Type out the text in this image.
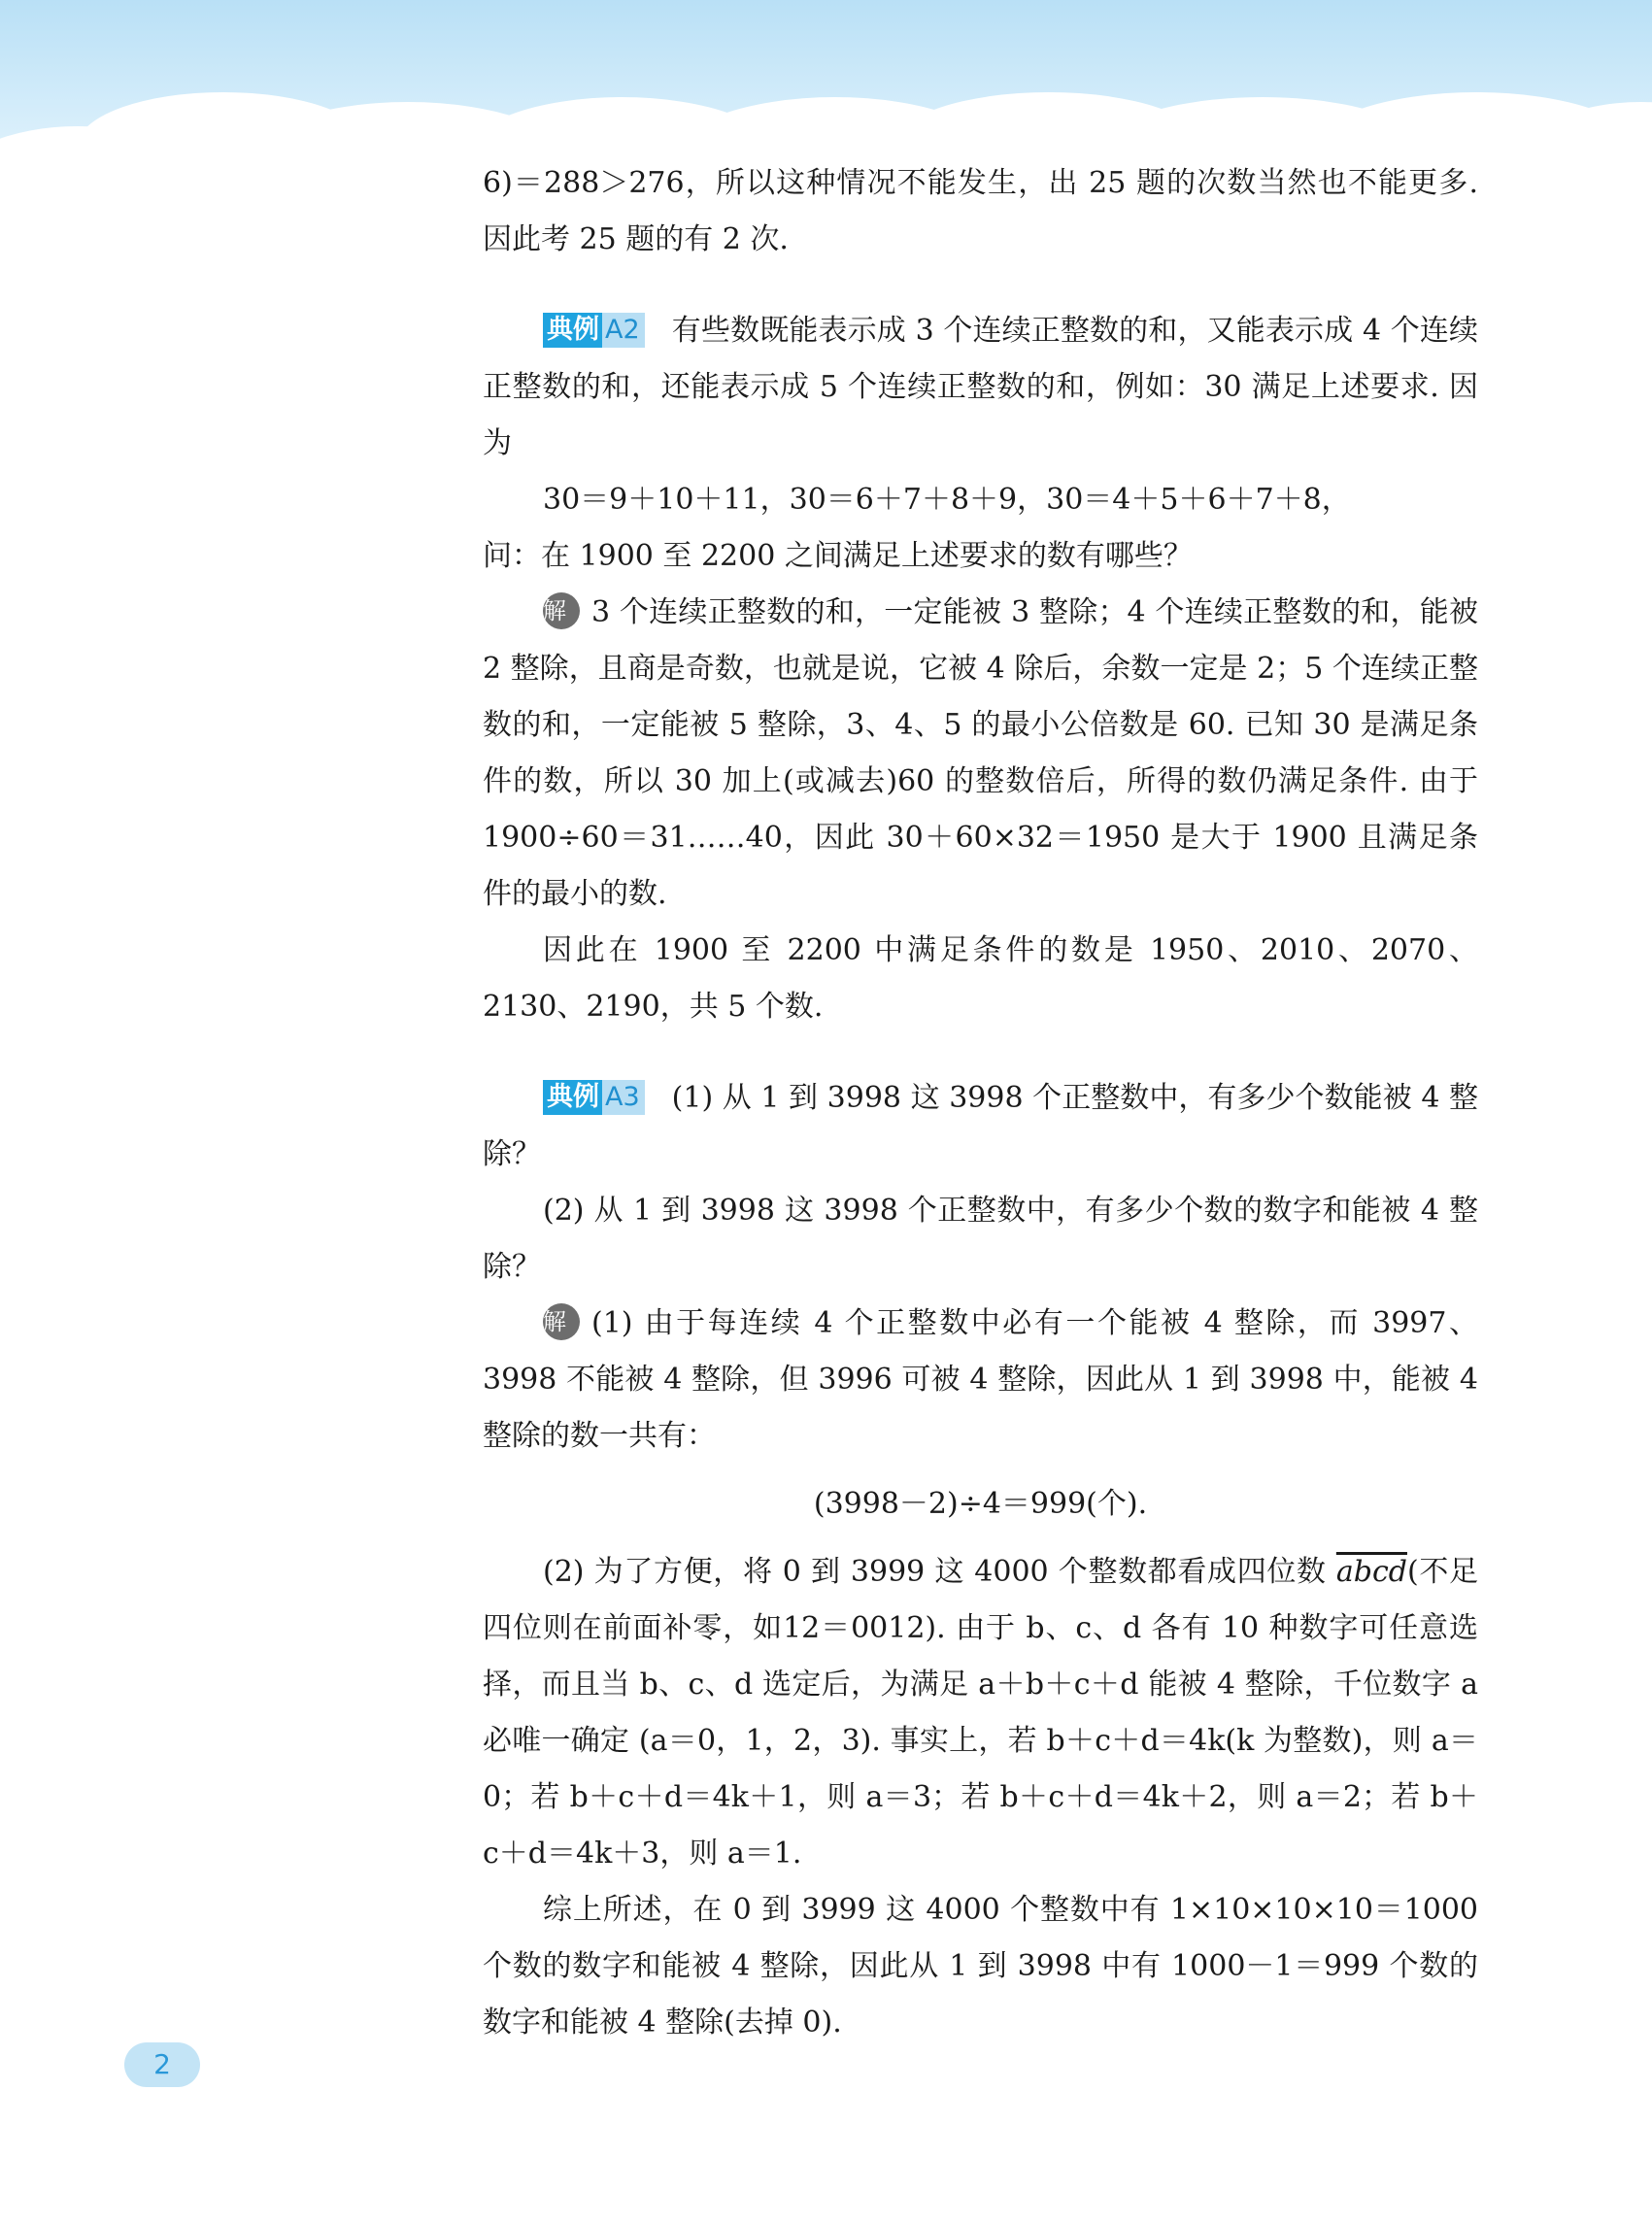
6)＝288＞276，所以这种情况不能发生，出 25 题的次数当然也不能更多. 因此考 25 题的有 2 次.

典例 A2 有些数既能表示成 3 个连续正整数的和，又能表示成 4 个连续正整数的和，还能表示成 5 个连续正整数的和，例如：30 满足上述要求. 因为

30＝9＋10＋11，30＝6＋7＋8＋9，30＝4＋5＋6＋7＋8，

问：在 1900 至 2200 之间满足上述要求的数有哪些？

解 3 个连续正整数的和，一定能被 3 整除；4 个连续正整数的和，能被 2 整除，且商是奇数，也就是说，它被 4 除后，余数一定是 2；5 个连续正整数的和，一定能被 5 整除，3、4、5 的最小公倍数是 60. 已知 30 是满足条件的数，所以 30 加上(或减去)60 的整数倍后，所得的数仍满足条件. 由于 1900÷60＝31……40，因此 30＋60×32＝1950 是大于 1900 且满足条件的最小的数.

因此在 1900 至 2200 中满足条件的数是 1950、2010、2070、2130、2190，共 5 个数.

典例 A3 (1) 从 1 到 3998 这 3998 个正整数中，有多少个数能被 4 整除？

(2) 从 1 到 3998 这 3998 个正整数中，有多少个数的数字和能被 4 整除？

解 (1) 由于每连续 4 个正整数中必有一个能被 4 整除，而 3997、3998 不能被 4 整除，但 3996 可被 4 整除，因此从 1 到 3998 中，能被 4 整除的数一共有：

(3998－2)÷4＝999(个).

(2) 为了方便，将 0 到 3999 这 4000 个整数都看成四位数 abcd(不足四位则在前面补零，如12＝0012). 由于 b、c、d 各有 10 种数字可任意选择，而且当 b、c、d 选定后，为满足 a＋b＋c＋d 能被 4 整除，千位数字 a 必唯一确定 (a＝0，1，2，3). 事实上，若 b＋c＋d＝4k(k 为整数)，则 a＝0；若 b＋c＋d＝4k＋1，则 a＝3；若 b＋c＋d＝4k＋2，则 a＝2；若 b＋c＋d＝4k＋3，则 a＝1.

综上所述，在 0 到 3999 这 4000 个整数中有 1×10×10×10＝1000 个数的数字和能被 4 整除，因此从 1 到 3998 中有 1000－1＝999 个数的数字和能被 4 整除(去掉 0).

2
